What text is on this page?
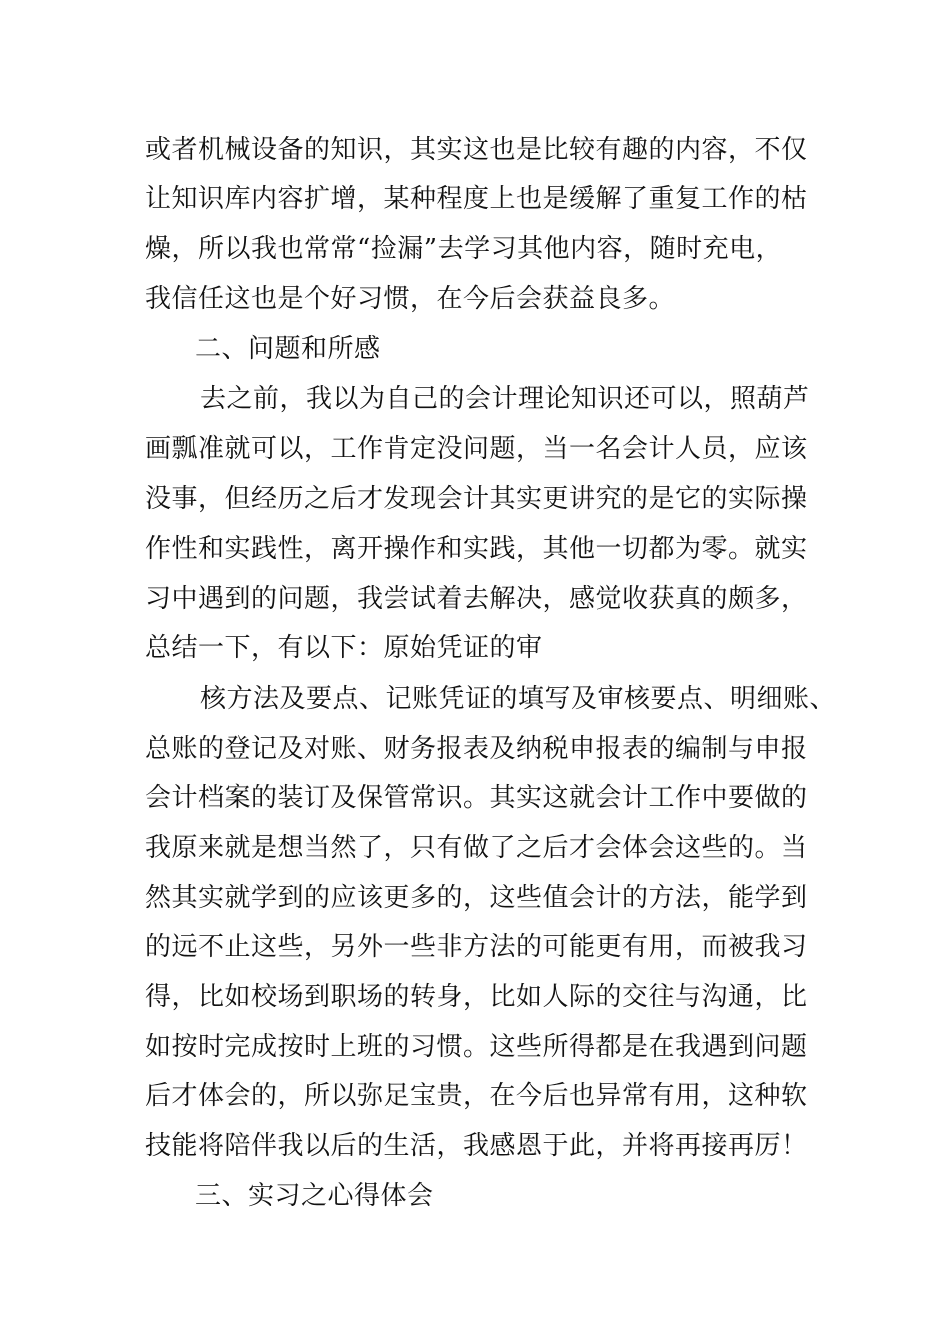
或者机械设备的知识，其实这也是比较有趣的内容，不仅
让知识库内容扩增，某种程度上也是缓解了重复工作的枯
燥，所以我也常常“捡漏”去学习其他内容，随时充电，
我信任这也是个好习惯，在今后会获益良多。
二、问题和所感
去之前，我以为自己的会计理论知识还可以，照葫芦
画瓢准就可以，工作肯定没问题，当一名会计人员，应该
没事，但经历之后才发现会计其实更讲究的是它的实际操
作性和实践性，离开操作和实践，其他一切都为零。就实
习中遇到的问题，我尝试着去解决，感觉收获真的颇多，
总结一下，有以下：原始凭证的审
核方法及要点、记账凭证的填写及审核要点、明细账、
总账的登记及对账、财务报表及纳税申报表的编制与申报
会计档案的装订及保管常识。其实这就会计工作中要做的
我原来就是想当然了，只有做了之后才会体会这些的。当
然其实就学到的应该更多的，这些值会计的方法，能学到
的远不止这些，另外一些非方法的可能更有用，而被我习
得，比如校场到职场的转身，比如人际的交往与沟通，比
如按时完成按时上班的习惯。这些所得都是在我遇到问题
后才体会的，所以弥足宝贵，在今后也异常有用，这种软
技能将陪伴我以后的生活，我感恩于此，并将再接再厉！
三、实习之心得体会
